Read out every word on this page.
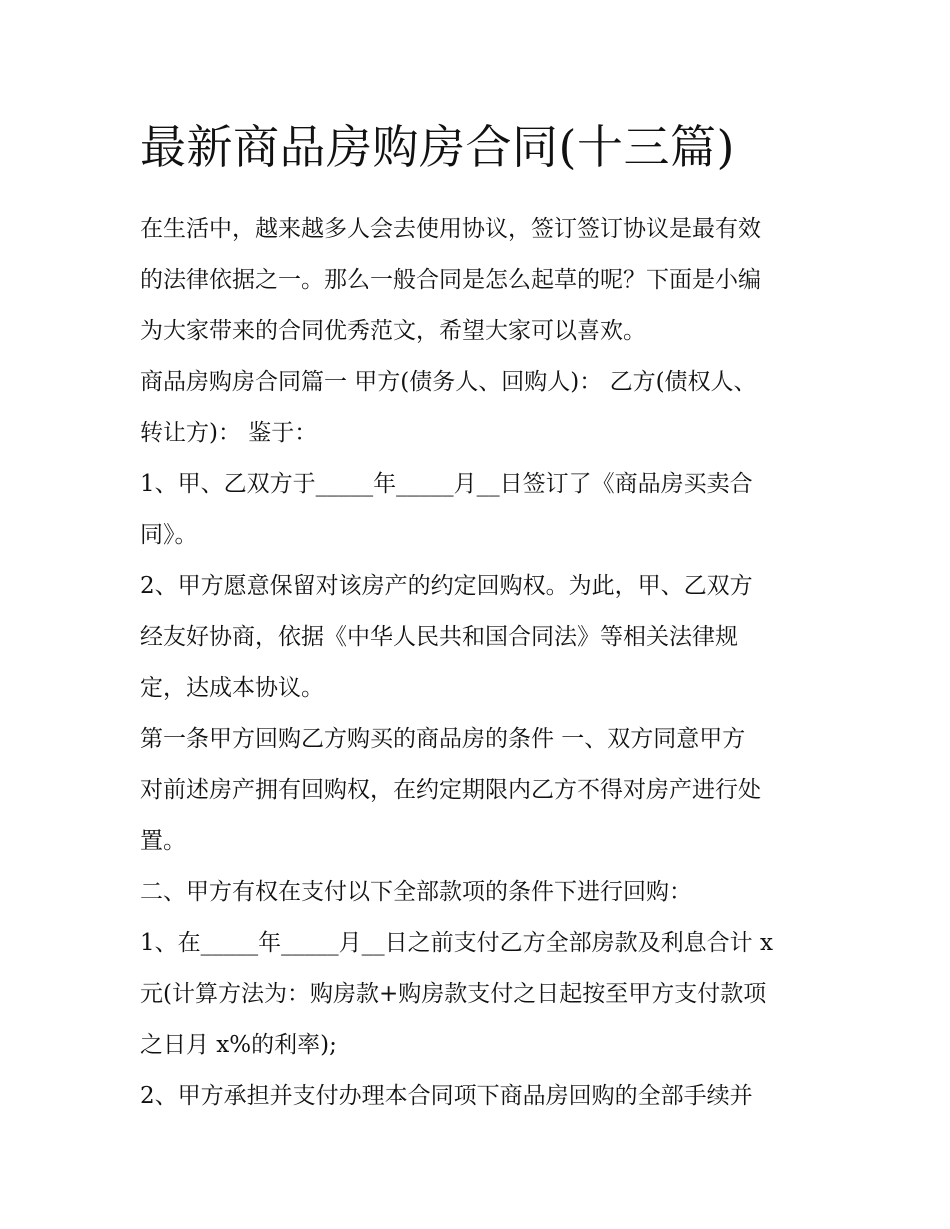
最新商品房购房合同(十三篇)

在生活中，越来越多人会去使用协议，签订签订协议是最有效
的法律依据之一。那么一般合同是怎么起草的呢？下面是小编
为大家带来的合同优秀范文，希望大家可以喜欢。

商品房购房合同篇一 甲方(债务人、回购人)： 乙方(债权人、
转让方)： 鉴于：

1、甲、乙双方于_____年_____月__日签订了《商品房买卖合
同》。

2、甲方愿意保留对该房产的约定回购权。为此，甲、乙双方
经友好协商，依据《中华人民共和国合同法》等相关法律规
定，达成本协议。

第一条甲方回购乙方购买的商品房的条件 一、双方同意甲方
对前述房产拥有回购权，在约定期限内乙方不得对房产进行处
置。

二、甲方有权在支付以下全部款项的条件下进行回购：

1、在_____年_____月__日之前支付乙方全部房款及利息合计 x
元(计算方法为：购房款+购房款支付之日起按至甲方支付款项
之日月 x%的利率);

2、甲方承担并支付办理本合同项下商品房回购的全部手续并
